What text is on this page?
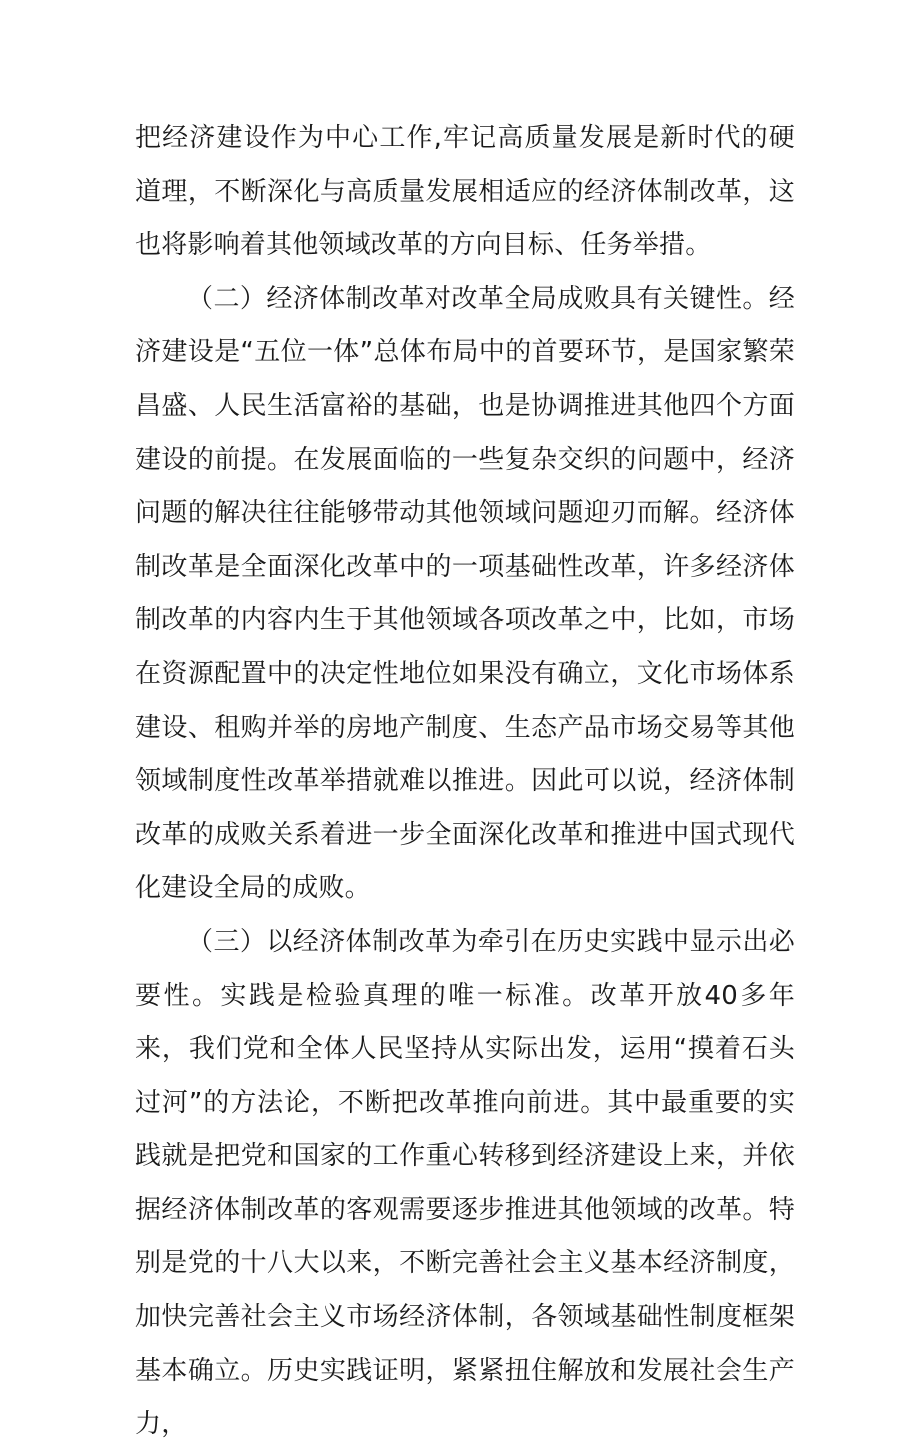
把经济建设作为中心工作,牢记高质量发展是新时代的硬道理，不断深化与高质量发展相适应的经济体制改革，这也将影响着其他领域改革的方向目标、任务举措。

（二）经济体制改革对改革全局成败具有关键性。经济建设是“五位一体”总体布局中的首要环节，是国家繁荣昌盛、人民生活富裕的基础，也是协调推进其他四个方面建设的前提。在发展面临的一些复杂交织的问题中，经济问题的解决往往能够带动其他领域问题迎刃而解。经济体制改革是全面深化改革中的一项基础性改革，许多经济体制改革的内容内生于其他领域各项改革之中，比如，市场在资源配置中的决定性地位如果没有确立，文化市场体系建设、租购并举的房地产制度、生态产品市场交易等其他领域制度性改革举措就难以推进。因此可以说，经济体制改革的成败关系着进一步全面深化改革和推进中国式现代化建设全局的成败。

（三）以经济体制改革为牵引在历史实践中显示出必要性。实践是检验真理的唯一标准。改革开放40多年来，我们党和全体人民坚持从实际出发，运用“摸着石头过河”的方法论，不断把改革推向前进。其中最重要的实践就是把党和国家的工作重心转移到经济建设上来，并依据经济体制改革的客观需要逐步推进其他领域的改革。特别是党的十八大以来，不断完善社会主义基本经济制度，加快完善社会主义市场经济体制，各领域基础性制度框架基本确立。历史实践证明，紧紧扭住解放和发展社会生产力，
